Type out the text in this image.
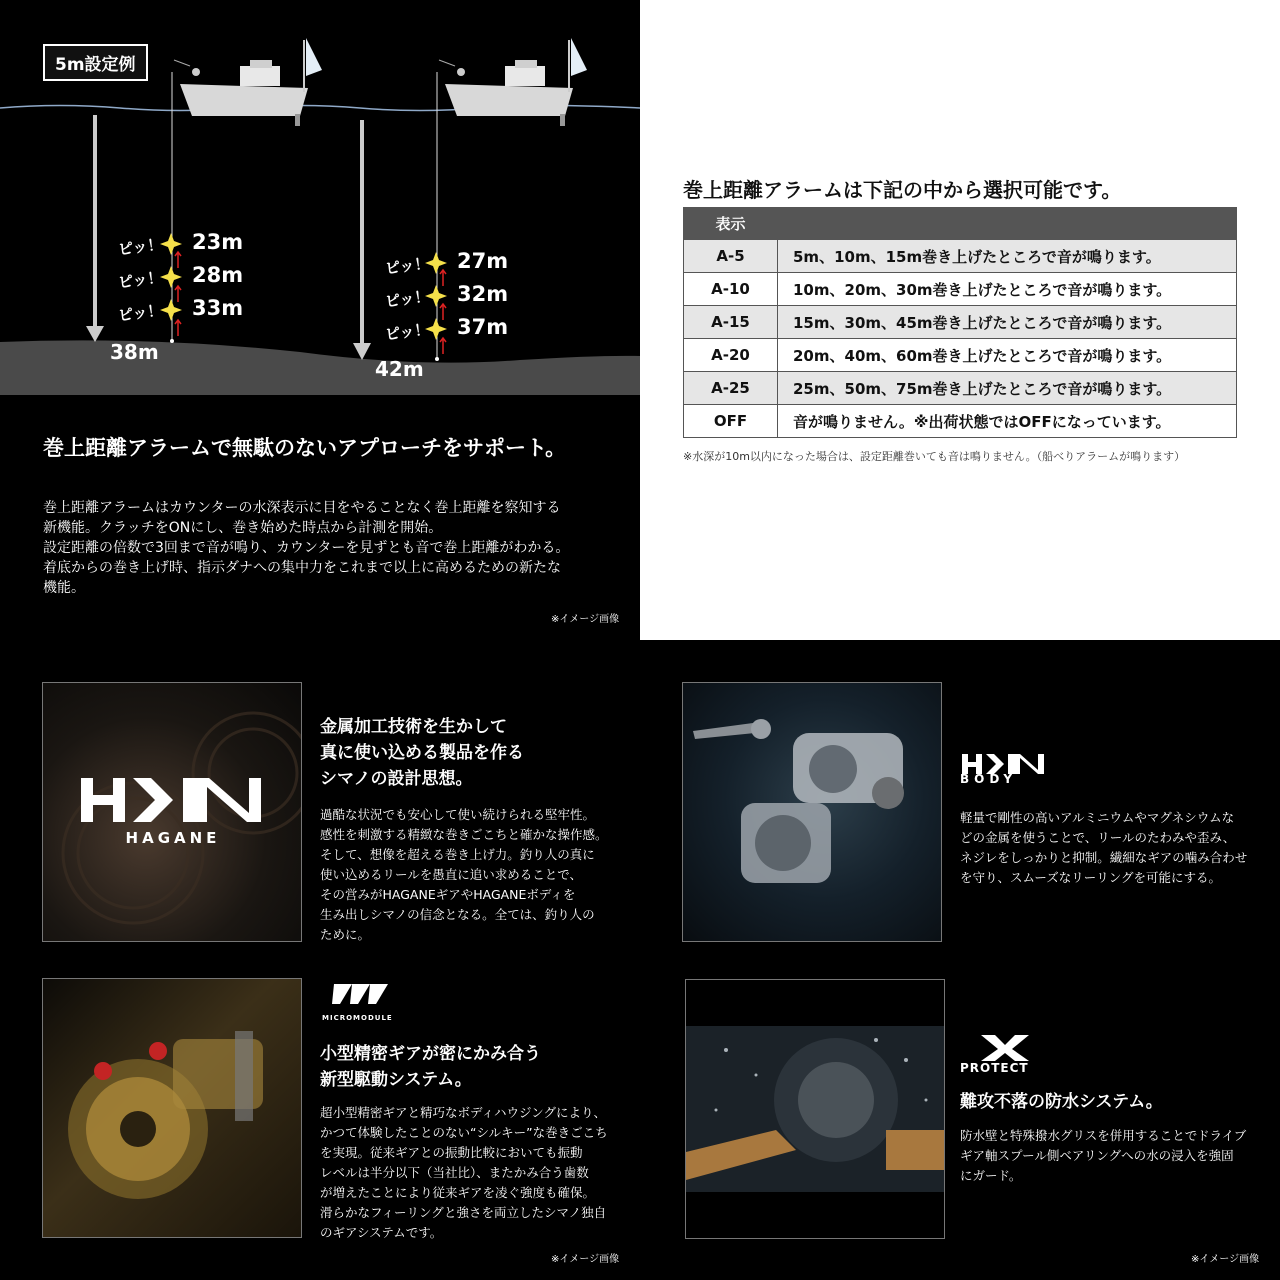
5m設定例
ピッ！
ピッ！
ピッ！
23m
28m
33m
38m
ピッ！
ピッ！
ピッ！
27m
32m
37m
42m
巻上距離アラームで無駄のないアプローチをサポート。
巻上距離アラームはカウンターの水深表示に目をやることなく巻上距離を察知する
新機能。クラッチをONにし、巻き始めた時点から計測を開始。
設定距離の倍数で3回まで音が鳴り、カウンターを見ずとも音で巻上距離がわかる。
着底からの巻き上げ時、指示ダナへの集中力をこれまで以上に高めるための新たな
機能。
※イメージ画像
巻上距離アラームは下記の中から選択可能です。
表示	
A-5	5m、10m、15m巻き上げたところで音が鳴ります。
A-10	10m、20m、30m巻き上げたところで音が鳴ります。
A-15	15m、30m、45m巻き上げたところで音が鳴ります。
A-20	20m、40m、60m巻き上げたところで音が鳴ります。
A-25	25m、50m、75m巻き上げたところで音が鳴ります。
OFF	音が鳴りません。※出荷状態ではOFFになっています。

※水深が10m以内になった場合は、設定距離巻いても音は鳴りません。（船べりアラームが鳴ります）

HAGANE
金属加工技術を生かして
真に使い込める製品を作る
シマノの設計思想。
過酷な状況でも安心して使い続けられる堅牢性。
感性を刺激する精緻な巻きごこちと確かな操作感。
そして、想像を超える巻き上げ力。釣り人の真に
使い込めるリールを愚直に追い求めることで、
その営みがHAGANEギアやHAGANEボディを
生み出しシマノの信念となる。全ては、釣り人の
ために。
MICROMODULE
小型精密ギアが密にかみ合う
新型駆動システム。
超小型精密ギアと精巧なボディハウジングにより、
かつて体験したことのない“シルキー”な巻きごこち
を実現。従来ギアとの振動比較においても振動
レベルは半分以下（当社比）、またかみ合う歯数
が増えたことにより従来ギアを凌ぐ強度も確保。
滑らかなフィーリングと強さを両立したシマノ独自
のギアシステムです。
※イメージ画像
BODY
軽量で剛性の高いアルミニウムやマグネシウムな
どの金属を使うことで、リールのたわみや歪み、
ネジレをしっかりと抑制。繊細なギアの噛み合わせ
を守り、スムーズなリーリングを可能にする。
PROTECT
難攻不落の防水システム。
防水壁と特殊撥水グリスを併用することでドライブ
ギア軸スプール側ベアリングへの水の浸入を強固
にガード。
※イメージ画像
